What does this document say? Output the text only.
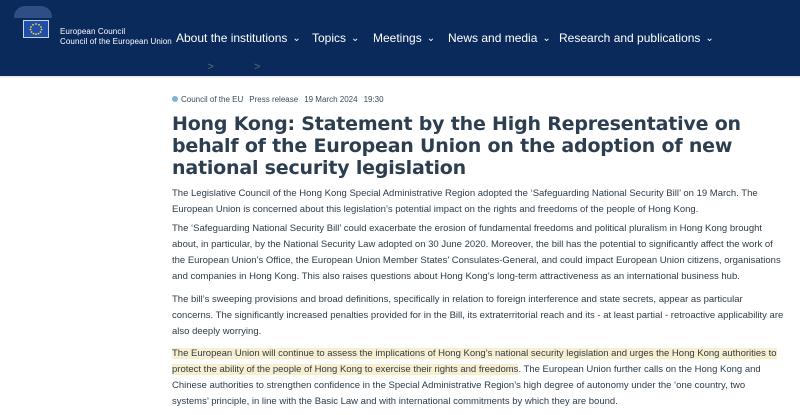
European Council
Council of the European Union About the institutions ⌄ Topics ⌄ Meetings ⌄ News and media ⌄ Research and publications ⌄
Home > Press > Press releases
Council of the EU Press release 19 March 2024 19:30
Hong Kong: Statement by the High Representative on behalf of the European Union on the adoption of new national security legislation

The Legislative Council of the Hong Kong Special Administrative Region adopted the ‘Safeguarding National Security Bill’ on 19 March. The European Union is concerned about this legislation’s potential impact on the rights and freedoms of the people of Hong Kong.

The ‘Safeguarding National Security Bill’ could exacerbate the erosion of fundamental freedoms and political pluralism in Hong Kong brought about, in particular, by the National Security Law adopted on 30 June 2020. Moreover, the bill has the potential to significantly affect the work of the European Union’s Office, the European Union Member States’ Consulates-General, and could impact European Union citizens, organisations and companies in Hong Kong. This also raises questions about Hong Kong’s long-term attractiveness as an international business hub.

The bill’s sweeping provisions and broad definitions, specifically in relation to foreign interference and state secrets, appear as particular concerns. The significantly increased penalties provided for in the Bill, its extraterritorial reach and its - at least partial - retroactive applicability are also deeply worrying.

The European Union will continue to assess the implications of Hong Kong’s national security legislation and urges the Hong Kong authorities to protect the ability of the people of Hong Kong to exercise their rights and freedoms. The European Union further calls on the Hong Kong and Chinese authorities to strengthen confidence in the Special Administrative Region’s high degree of autonomy under the ‘one country, two systems’ principle, in line with the Basic Law and with international commitments by which they are bound.
